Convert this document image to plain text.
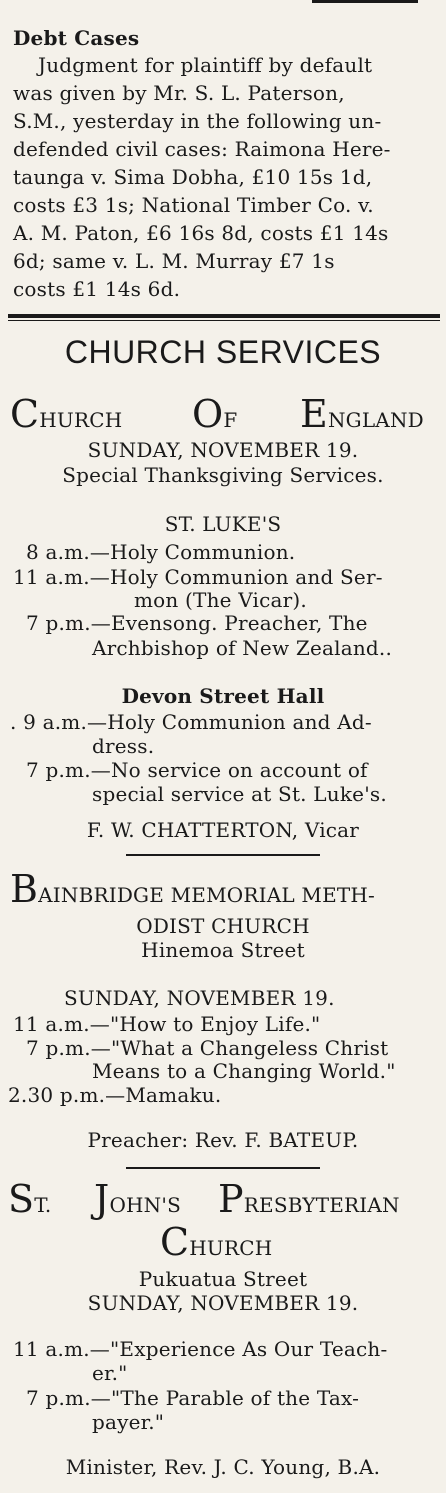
Debt Cases
Judgment for plaintiff by default
was given by Mr. S. L. Paterson,
S.M., yesterday in the following un-
defended civil cases: Raimona Here-
taunga v. Sima Dobha, £10 15s 1d,
costs £3 1s; National Timber Co. v.
A. M. Paton, £6 16s 8d, costs £1 14s
6d; same v. L. M. Murray £7 1s
costs £1 14s 6d.
CHURCH SERVICES
CHURCH OF ENGLAND
SUNDAY, NOVEMBER 19.
Special Thanksgiving Services.
ST. LUKE'S
8 a.m.—Holy Communion.
11 a.m.—Holy Communion and Ser-
mon (The Vicar).
7 p.m.—Evensong. Preacher, The
Archbishop of New Zealand..
Devon Street Hall
. 9 a.m.—Holy Communion and Ad-
dress.
7 p.m.—No service on account of
special service at St. Luke's.
F. W. CHATTERTON, Vicar
BAINBRIDGE MEMORIAL METH-
ODIST CHURCH
Hinemoa Street
SUNDAY, NOVEMBER 19.
11 a.m.—"How to Enjoy Life."
7 p.m.—"What a Changeless Christ
Means to a Changing World."
2.30 p.m.—Mamaku.
Preacher: Rev. F. BATEUP.
ST. JOHN'S PRESBYTERIAN
CHURCH
Pukuatua Street
SUNDAY, NOVEMBER 19.
11 a.m.—"Experience As Our Teach-
er."
7 p.m.—"The Parable of the Tax-
payer."
Minister, Rev. J. C. Young, B.A.
